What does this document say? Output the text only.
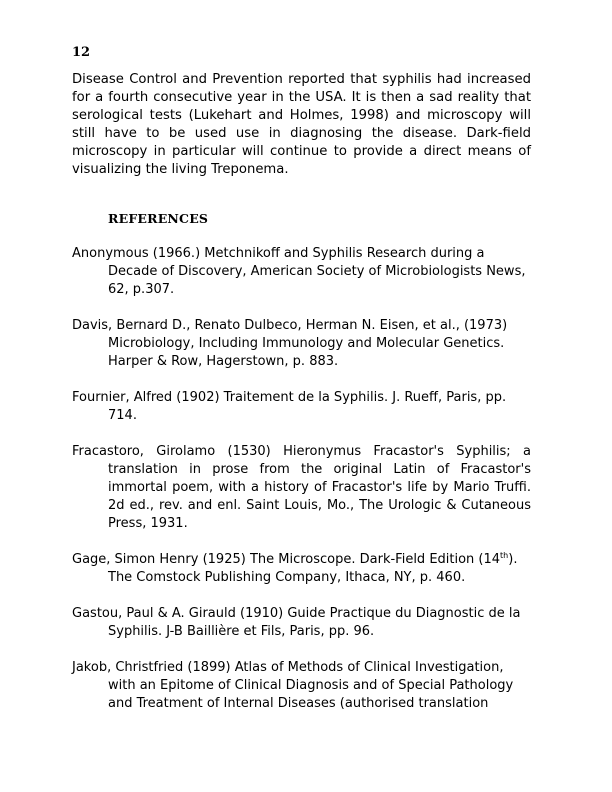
12

Disease Control and Prevention reported that syphilis had increased for a fourth consecutive year in the USA. It is then a sad reality that serological tests (Lukehart and Holmes, 1998) and microscopy will still have to be used use in diagnosing the disease. Dark-field microscopy in particular will continue to provide a direct means of visualizing the living Treponema.

REFERENCES

Anonymous (1966.) Metchnikoff and Syphilis Research during a Decade of Discovery, American Society of Microbiologists News, 62, p.307.

Davis, Bernard D., Renato Dulbeco, Herman N. Eisen, et al., (1973) Microbiology, Including Immunology and Molecular Genetics. Harper & Row, Hagerstown, p. 883.

Fournier, Alfred (1902) Traitement de la Syphilis. J. Rueff, Paris, pp. 714.

Fracastoro, Girolamo (1530) Hieronymus Fracastor's Syphilis; a translation in prose from the original Latin of Fracastor's immortal poem, with a history of Fracastor's life by Mario Truffi. 2d ed., rev. and enl. Saint Louis, Mo., The Urologic & Cutaneous Press, 1931.

Gage, Simon Henry (1925) The Microscope. Dark-Field Edition (14th). The Comstock Publishing Company, Ithaca, NY, p. 460.

Gastou, Paul & A. Girauld (1910) Guide Practique du Diagnostic de la Syphilis. J-B Baillière et Fils, Paris, pp. 96.

Jakob, Christfried (1899) Atlas of Methods of Clinical Investigation, with an Epitome of Clinical Diagnosis and of Special Pathology and Treatment of Internal Diseases (authorised translation
